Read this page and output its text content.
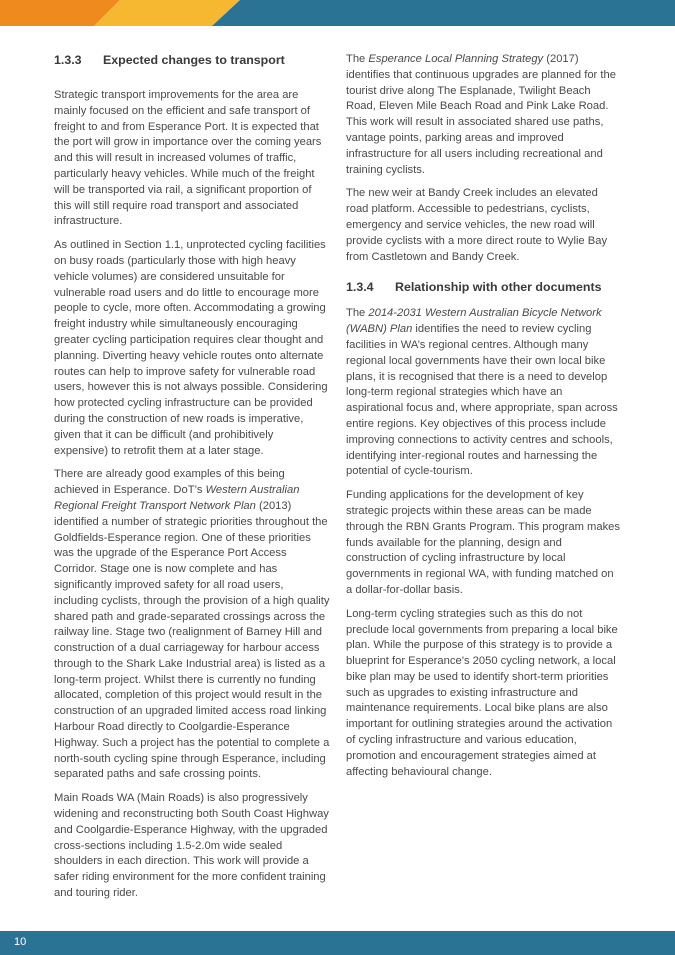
1.3.3 Expected changes to transport

Strategic transport improvements for the area are mainly focused on the efficient and safe transport of freight to and from Esperance Port. It is expected that the port will grow in importance over the coming years and this will result in increased volumes of traffic, particularly heavy vehicles. While much of the freight will be transported via rail, a significant proportion of this will still require road transport and associated infrastructure.

As outlined in Section 1.1, unprotected cycling facilities on busy roads (particularly those with high heavy vehicle volumes) are considered unsuitable for vulnerable road users and do little to encourage more people to cycle, more often. Accommodating a growing freight industry while simultaneously encouraging greater cycling participation requires clear thought and planning. Diverting heavy vehicle routes onto alternate routes can help to improve safety for vulnerable road users, however this is not always possible. Considering how protected cycling infrastructure can be provided during the construction of new roads is imperative, given that it can be difficult (and prohibitively expensive) to retrofit them at a later stage.

There are already good examples of this being achieved in Esperance. DoT’s Western Australian Regional Freight Transport Network Plan (2013) identified a number of strategic priorities throughout the Goldfields-Esperance region. One of these priorities was the upgrade of the Esperance Port Access Corridor. Stage one is now complete and has significantly improved safety for all road users, including cyclists, through the provision of a high quality shared path and grade-separated crossings across the railway line. Stage two (realignment of Barney Hill and construction of a dual carriageway for harbour access through to the Shark Lake Industrial area) is listed as a long-term project. Whilst there is currently no funding allocated, completion of this project would result in the construction of an upgraded limited access road linking Harbour Road directly to Coolgardie-Esperance Highway. Such a project has the potential to complete a north-south cycling spine through Esperance, including separated paths and safe crossing points.

Main Roads WA (Main Roads) is also progressively widening and reconstructing both South Coast Highway and Coolgardie-Esperance Highway, with the upgraded cross-sections including 1.5-2.0m wide sealed shoulders in each direction. This work will provide a safer riding environment for the more confident training and touring rider.

The Esperance Local Planning Strategy (2017) identifies that continuous upgrades are planned for the tourist drive along The Esplanade, Twilight Beach Road, Eleven Mile Beach Road and Pink Lake Road. This work will result in associated shared use paths, vantage points, parking areas and improved infrastructure for all users including recreational and training cyclists.

The new weir at Bandy Creek includes an elevated road platform. Accessible to pedestrians, cyclists, emergency and service vehicles, the new road will provide cyclists with a more direct route to Wylie Bay from Castletown and Bandy Creek.

1.3.4 Relationship with other documents

The 2014-2031 Western Australian Bicycle Network (WABN) Plan identifies the need to review cycling facilities in WA’s regional centres. Although many regional local governments have their own local bike plans, it is recognised that there is a need to develop long-term regional strategies which have an aspirational focus and, where appropriate, span across entire regions. Key objectives of this process include improving connections to activity centres and schools, identifying inter-regional routes and harnessing the potential of cycle-tourism.

Funding applications for the development of key strategic projects within these areas can be made through the RBN Grants Program. This program makes funds available for the planning, design and construction of cycling infrastructure by local governments in regional WA, with funding matched on a dollar-for-dollar basis.

Long-term cycling strategies such as this do not preclude local governments from preparing a local bike plan. While the purpose of this strategy is to provide a blueprint for Esperance’s 2050 cycling network, a local bike plan may be used to identify short-term priorities such as upgrades to existing infrastructure and maintenance requirements. Local bike plans are also important for outlining strategies around the activation of cycling infrastructure and various education, promotion and encouragement strategies aimed at affecting behavioural change.

10
